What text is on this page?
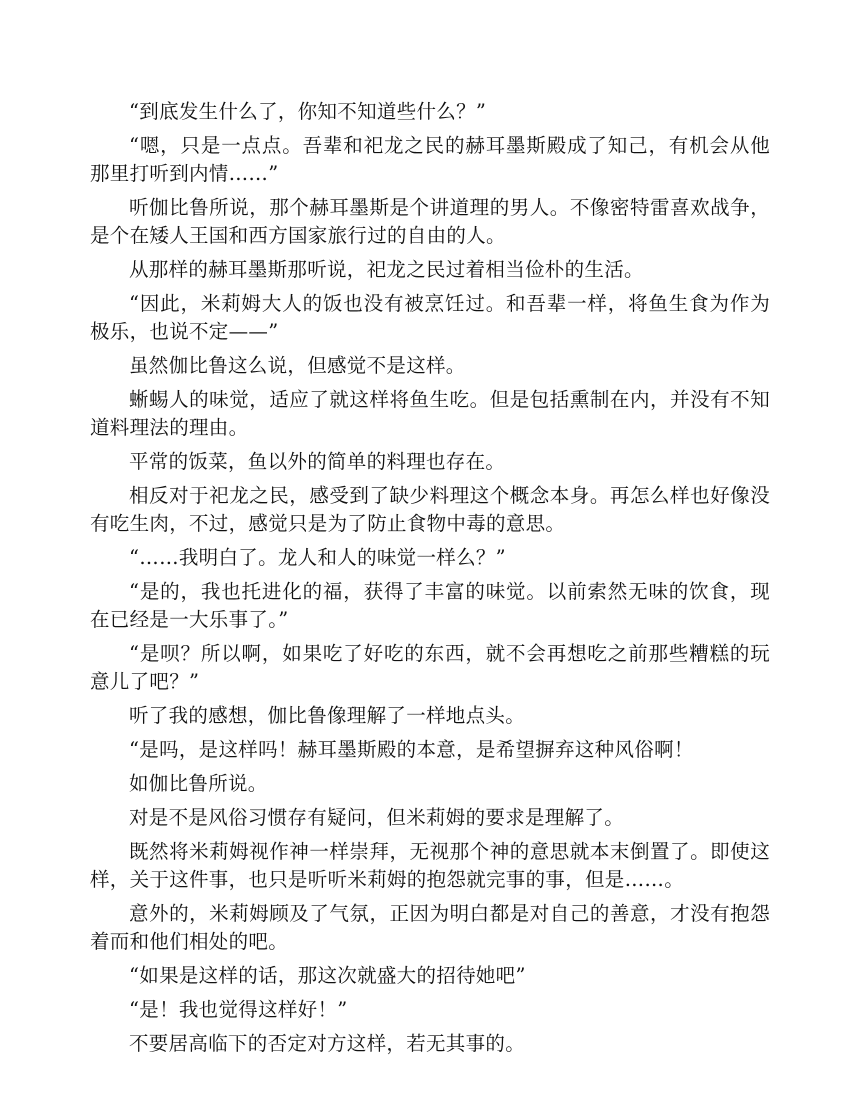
“到底发生什么了，你知不知道些什么？”

“嗯，只是一点点。吾辈和祀龙之民的赫耳墨斯殿成了知己，有机会从他那里打听到内情……”

听伽比鲁所说，那个赫耳墨斯是个讲道理的男人。不像密特雷喜欢战争，是个在矮人王国和西方国家旅行过的自由的人。

从那样的赫耳墨斯那听说，祀龙之民过着相当俭朴的生活。

“因此，米莉姆大人的饭也没有被烹饪过。和吾辈一样，将鱼生食为作为极乐，也说不定——”

虽然伽比鲁这么说，但感觉不是这样。

蜥蜴人的味觉，适应了就这样将鱼生吃。但是包括熏制在内，并没有不知道料理法的理由。

平常的饭菜，鱼以外的简单的料理也存在。

相反对于祀龙之民，感受到了缺少料理这个概念本身。再怎么样也好像没有吃生肉，不过，感觉只是为了防止食物中毒的意思。

“……我明白了。龙人和人的味觉一样么？”

“是的，我也托进化的福，获得了丰富的味觉。以前索然无味的饮食，现在已经是一大乐事了。”

“是呗？所以啊，如果吃了好吃的东西，就不会再想吃之前那些糟糕的玩意儿了吧？”

听了我的感想，伽比鲁像理解了一样地点头。

“是吗，是这样吗！赫耳墨斯殿的本意，是希望摒弃这种风俗啊！

如伽比鲁所说。

对是不是风俗习惯存有疑问，但米莉姆的要求是理解了。

既然将米莉姆视作神一样崇拜，无视那个神的意思就本末倒置了。即使这样，关于这件事，也只是听听米莉姆的抱怨就完事的事，但是……。

意外的，米莉姆顾及了气氛，正因为明白都是对自己的善意，才没有抱怨着而和他们相处的吧。

“如果是这样的话，那这次就盛大的招待她吧”

“是！我也觉得这样好！”

不要居高临下的否定对方这样，若无其事的。
